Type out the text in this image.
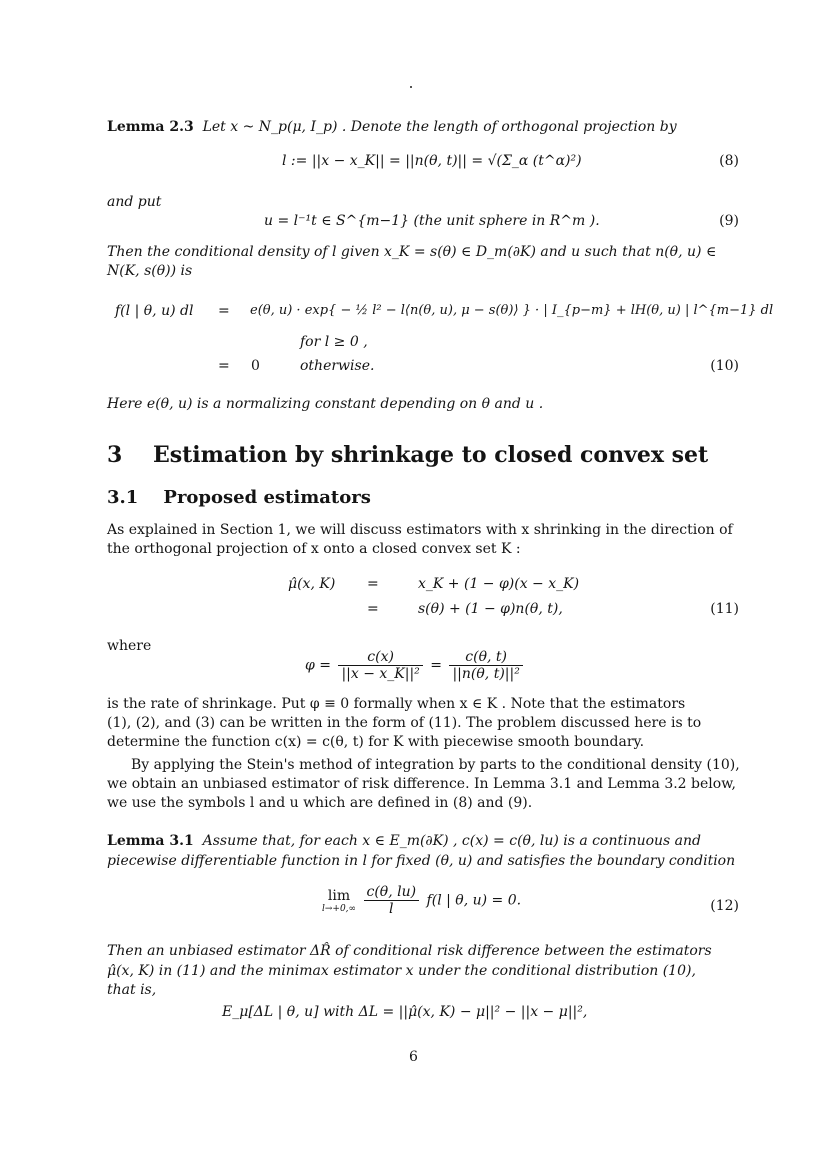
Lemma 2.3 Let x ~ N_p(μ, I_p) . Denote the length of orthogonal projection by
l := ||x − x_K|| = ||n(θ, t)|| = √(Σ_α (t^α)²)	(8)
and put
u = l⁻¹t ∈ S^{m−1} (the unit sphere in R^m ).	(9)
Then the conditional density of l given x_K = s(θ) ∈ D_m(∂K) and u such that n(θ, u) ∈
N(K, s(θ)) is
f(l | θ, u) dl = e(θ, u) · exp{ − ½ l² − l⟨n(θ, u), μ − s(θ)⟩ } · | I_{p−m} + lH(θ, u) | l^{m−1} dl
for l ≥ 0 ,
= 0	otherwise.	(10)
Here e(θ, u) is a normalizing constant depending on θ and u .
3 Estimation by shrinkage to closed convex set
3.1 Proposed estimators
As explained in Section 1, we will discuss estimators with x shrinking in the direction of
the orthogonal projection of x onto a closed convex set K :
μ̂(x, K) =	x_K + (1 − φ)(x − x_K)
=	s(θ) + (1 − φ)n(θ, t),	(11)
where
$\varphi = \frac{c(x)}{\text{||x − x\_K||²}} = \frac{c(\theta, t)}{\text{||n(θ, t)||²}}$
is the rate of shrinkage. Put φ ≡ 0 formally when x ∈ K . Note that the estimators
(1), (2), and (3) can be written in the form of (11). The problem discussed here is to
determine the function c(x) = c(θ, t) for K with piecewise smooth boundary.
By applying the Stein's method of integration by parts to the conditional density (10),
we obtain an unbiased estimator of risk difference. In Lemma 3.1 and Lemma 3.2 below,
we use the symbols l and u which are defined in (8) and (9).
Lemma 3.1 Assume that, for each x ∈ E_m(∂K) , c(x) = c(θ, lu) is a continuous and
piecewise differentiable function in l for fixed (θ, u) and satisfies the boundary condition
lim
l→+0,∞
$\frac{c(\theta, lu)}{l} f(l$ | θ, u) = 0.	(12)
Then an unbiased estimator ΔR̂ of conditional risk difference between the estimators
μ̂(x, K) in (11) and the minimax estimator x under the conditional distribution (10),
that is,
E_μ[ΔL | θ, u] with ΔL = ||μ̂(x, K) − μ||² − ||x − μ||²,
6
